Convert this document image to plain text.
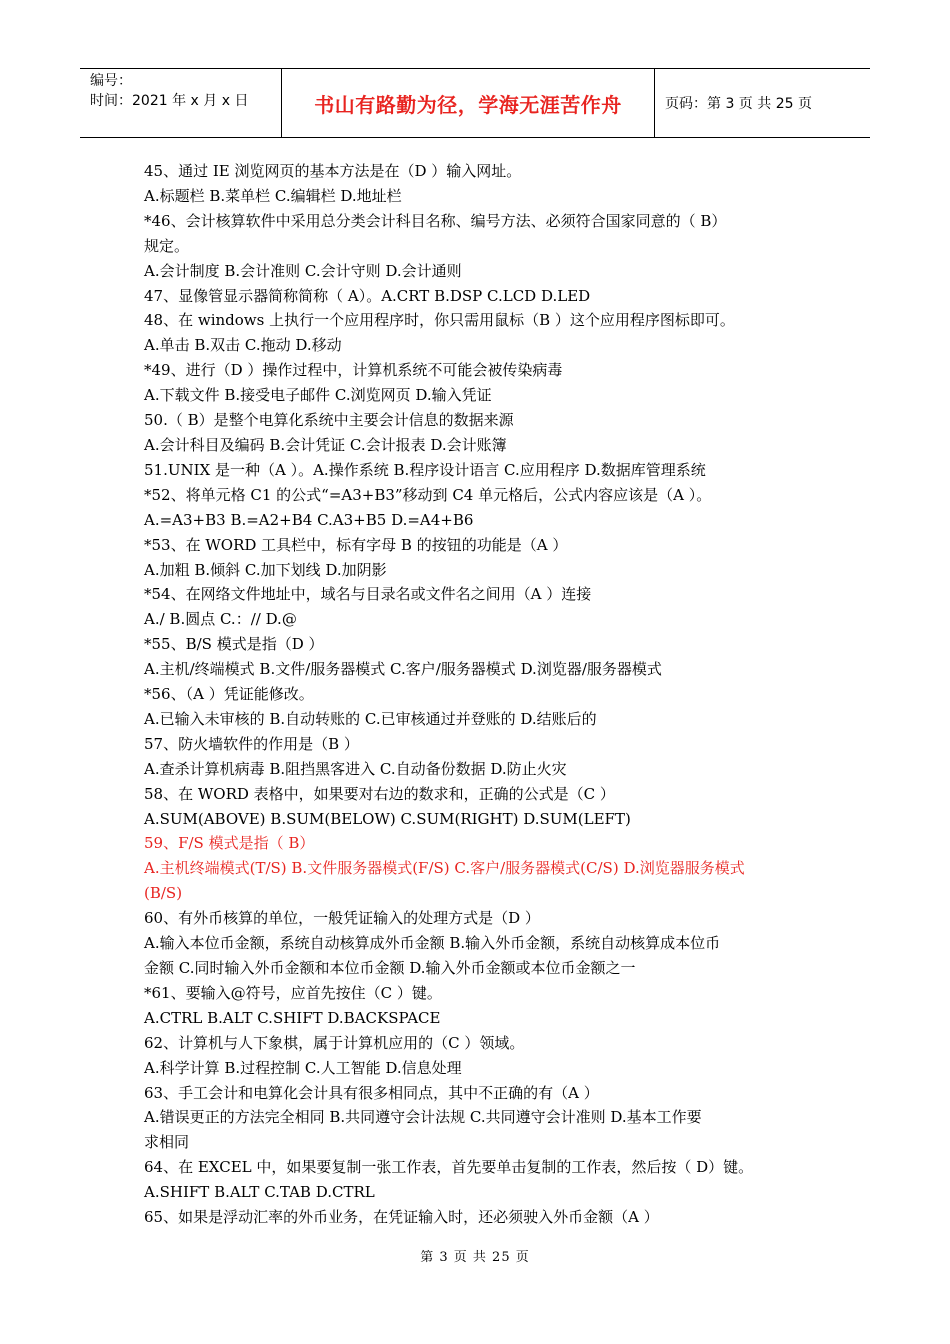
编号：
时间：2021 年 x 月 x 日	书山有路勤为径，学海无涯苦作舟	页码：第 3 页 共 25 页
45、通过 IE 浏览网页的基本方法是在（D ）输入网址。
A.标题栏 B.菜单栏 C.编辑栏 D.地址栏
*46、会计核算软件中采用总分类会计科目名称、编号方法、必须符合国家同意的（ B）
规定。
A.会计制度 B.会计准则 C.会计守则 D.会计通则
47、显像管显示器简称简称（ A）。A.CRT B.DSP C.LCD D.LED
48、在 windows 上执行一个应用程序时，你只需用鼠标（B ）这个应用程序图标即可。
A.单击 B.双击 C.拖动 D.移动
*49、进行（D ）操作过程中，计算机系统不可能会被传染病毒
A.下载文件 B.接受电子邮件 C.浏览网页 D.输入凭证
50.（ B）是整个电算化系统中主要会计信息的数据来源
A.会计科目及编码 B.会计凭证 C.会计报表 D.会计账簿
51.UNIX 是一种（A ）。A.操作系统 B.程序设计语言 C.应用程序 D.数据库管理系统
*52、将单元格 C1 的公式“=A3+B3”移动到 C4 单元格后，公式内容应该是（A ）。
A.=A3+B3 B.=A2+B4 C.A3+B5 D.=A4+B6
*53、在 WORD 工具栏中，标有字母 B 的按钮的功能是（A ）
A.加粗 B.倾斜 C.加下划线 D.加阴影
*54、在网络文件地址中，域名与目录名或文件名之间用（A ）连接
A./ B.圆点 C.：// D.@
*55、B/S 模式是指（D ）
A.主机/终端模式 B.文件/服务器模式 C.客户/服务器模式 D.浏览器/服务器模式
*56、（A ）凭证能修改。
A.已输入未审核的 B.自动转账的 C.已审核通过并登账的 D.结账后的
57、防火墙软件的作用是（B ）
A.查杀计算机病毒 B.阻挡黑客进入 C.自动备份数据 D.防止火灾
58、在 WORD 表格中，如果要对右边的数求和，正确的公式是（C ）
A.SUM(ABOVE) B.SUM(BELOW) C.SUM(RIGHT) D.SUM(LEFT)
59、F/S 模式是指（ B）
A.主机终端模式(T/S) B.文件服务器模式(F/S) C.客户/服务器模式(C/S) D.浏览器服务模式
(B/S)
60、有外币核算的单位，一般凭证输入的处理方式是（D ）
A.输入本位币金额，系统自动核算成外币金额 B.输入外币金额，系统自动核算成本位币
金额 C.同时输入外币金额和本位币金额 D.输入外币金额或本位币金额之一
*61、要输入@符号，应首先按住（C ）键。
A.CTRL B.ALT C.SHIFT D.BACKSPACE
62、计算机与人下象棋，属于计算机应用的（C ）领域。
A.科学计算 B.过程控制 C.人工智能 D.信息处理
63、手工会计和电算化会计具有很多相同点，其中不正确的有（A ）
A.错误更正的方法完全相同 B.共同遵守会计法规 C.共同遵守会计准则 D.基本工作要
求相同
64、在 EXCEL 中，如果要复制一张工作表，首先要单击复制的工作表，然后按（ D）键。
A.SHIFT B.ALT C.TAB D.CTRL
65、如果是浮动汇率的外币业务，在凭证输入时，还必须驶入外币金额（A ）
第 3 页 共 25 页
